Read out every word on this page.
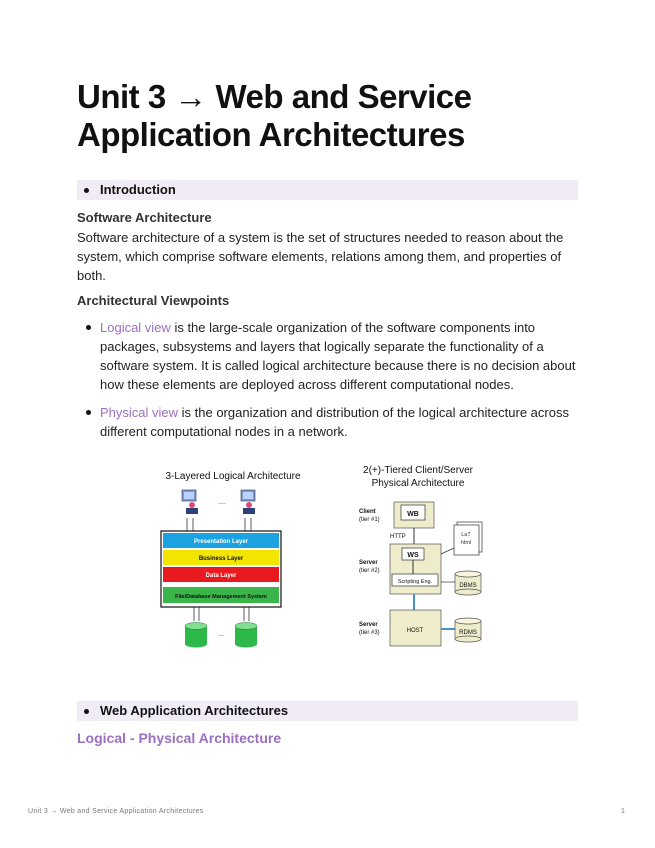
Unit 3 → Web and Service Application Architectures
Introduction
Software Architecture

Software architecture of a system is the set of structures needed to reason about the system, which comprise software elements, relations among them, and properties of both.

Architectural Viewpoints
Logical view is the large-scale organization of the software components into packages, subsystems and layers that logically separate the functionality of a software system. It is called logical architecture because there is no decision about how these elements are deployed across different computational nodes.
Physical view is the organization and distribution of the logical architecture across different computational nodes in a network.
3-Layered Logical Architecture
....
Presentation Layer
Business Layer
Data Layer
File/Database Management System
...
2(+)-Tiered Client/Server
Physical Architecture
Client
(tier #1)
WB
HTTP
Server
(tier #2)
WS
Scripting Eng.
LaT
html
DBMS
Server
(tier #3)	HOST	RDMS
Web Application Architectures
Logical - Physical Architecture
Unit 3 → Web and Service Application Architectures	1
